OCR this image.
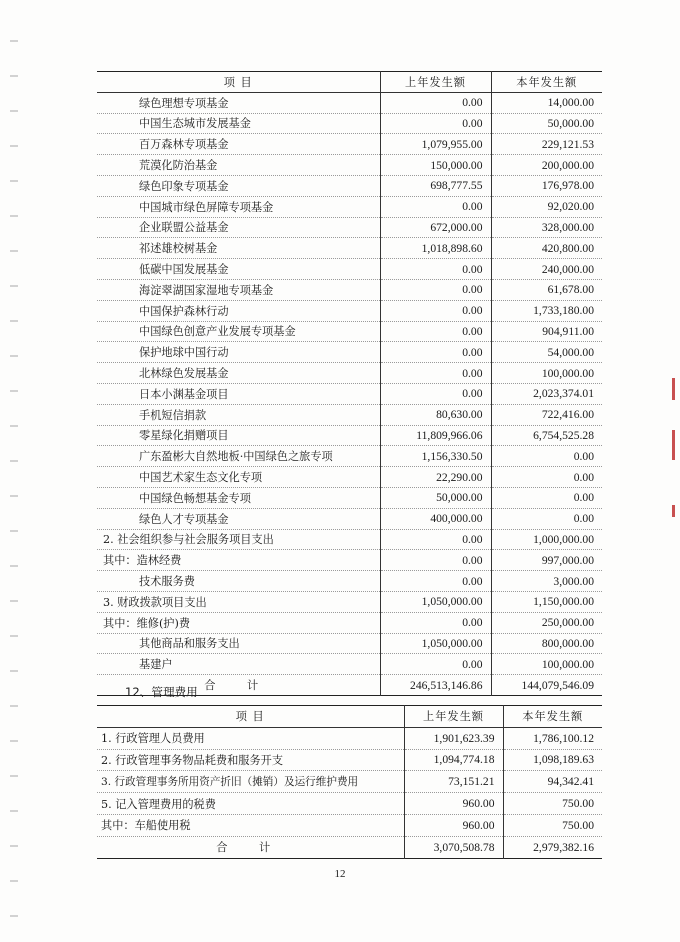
项 目	上年发生额	本年发生额
绿色理想专项基金	0.00	14,000.00
中国生态城市发展基金	0.00	50,000.00
百万森林专项基金	1,079,955.00	229,121.53
荒漠化防治基金	150,000.00	200,000.00
绿色印象专项基金	698,777.55	176,978.00
中国城市绿色屏障专项基金	0.00	92,020.00
企业联盟公益基金	672,000.00	328,000.00
祁述雄校树基金	1,018,898.60	420,800.00
低碳中国发展基金	0.00	240,000.00
海淀翠湖国家湿地专项基金	0.00	61,678.00
中国保护森林行动	0.00	1,733,180.00
中国绿色创意产业发展专项基金	0.00	904,911.00
保护地球中国行动	0.00	54,000.00
北林绿色发展基金	0.00	100,000.00
日本小渊基金项目	0.00	2,023,374.01
手机短信捐款	80,630.00	722,416.00
零星绿化捐赠项目	11,809,966.06	6,754,525.28
广东盈彬大自然地板·中国绿色之旅专项	1,156,330.50	0.00
中国艺术家生态文化专项	22,290.00	0.00
中国绿色畅想基金专项	50,000.00	0.00
绿色人才专项基金	400,000.00	0.00
2. 社会组织参与社会服务项目支出	0.00	1,000,000.00
其中：造林经费	0.00	997,000.00
技术服务费	0.00	3,000.00
3. 财政拨款项目支出	1,050,000.00	1,150,000.00
其中：维修(护)费	0.00	250,000.00
其他商品和服务支出	1,050,000.00	800,000.00
基建户	0.00	100,000.00
合 计	246,513,146.86	144,079,546.09
12、管理费用
项 目	上年发生额	本年发生额
1. 行政管理人员费用	1,901,623.39	1,786,100.12
2. 行政管理事务物品耗费和服务开支	1,094,774.18	1,098,189.63
3. 行政管理事务所用资产折旧（摊销）及运行维护费用	73,151.21	94,342.41
5. 记入管理费用的税费	960.00	750.00
其中：车船使用税	960.00	750.00
合 计	3,070,508.78	2,979,382.16
12
